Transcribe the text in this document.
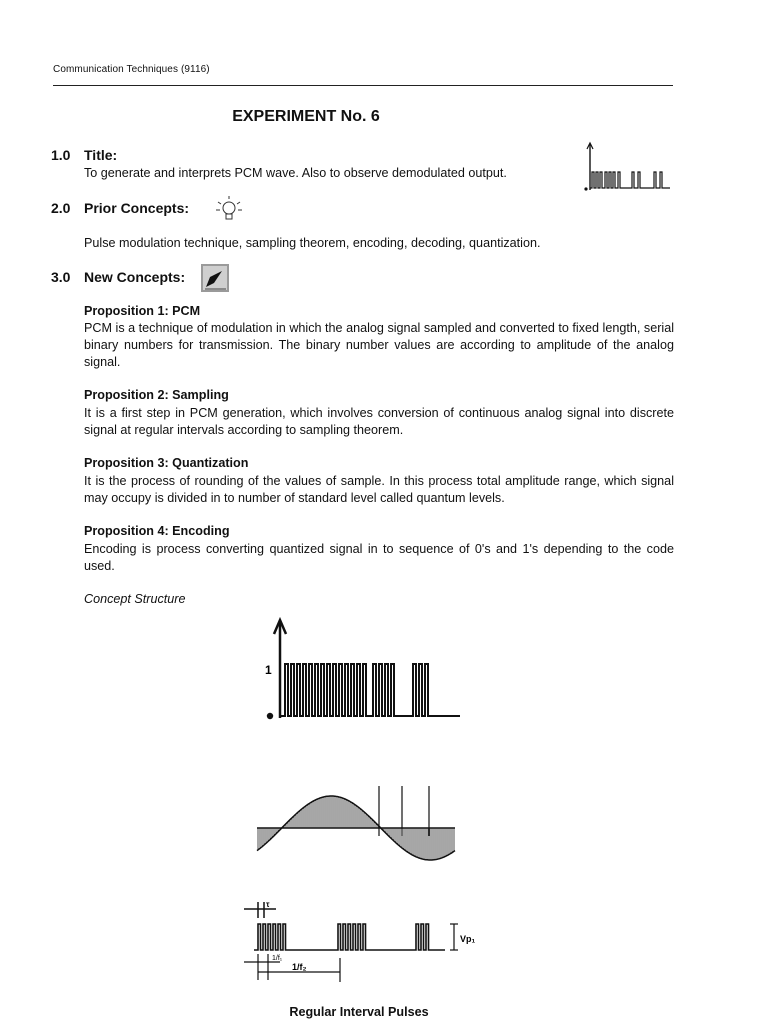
Communication Techniques (9116)
EXPERIMENT No. 6
1.0 Title:
To generate and interprets PCM wave. Also to observe demodulated output.
2.0 Prior Concepts:
Pulse modulation technique, sampling theorem, encoding, decoding, quantization.
3.0 New Concepts:
Proposition 1: PCM
PCM is a technique of modulation in which the analog signal sampled and converted to fixed length, serial binary numbers for transmission. The binary number values are according to amplitude of the analog signal.
Proposition 2: Sampling
It is a first step in PCM generation, which involves conversion of continuous analog signal into discrete signal at regular intervals according to sampling theorem.
Proposition 3: Quantization
It is the process of rounding of the values of sample. In this process total amplitude range, which signal may occupy is divided in to number of standard level called quantum levels.
Proposition 4: Encoding
Encoding is process converting quantized signal in to sequence of 0's and 1's depending to the code used.
Concept Structure
1
τ
Vp₁
1/f₁
1/f₂
Regular Interval Pulses
